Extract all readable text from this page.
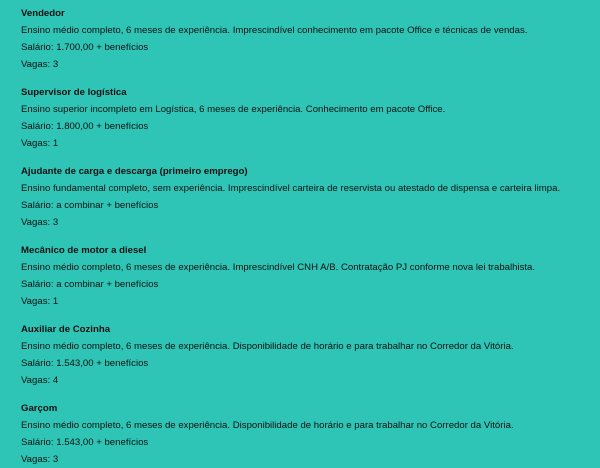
Vendedor
Ensino médio completo, 6 meses de experiência. Imprescindível conhecimento em pacote Office e técnicas de vendas.
Salário: 1.700,00 + benefícios
Vagas: 3
Supervisor de logística
Ensino superior incompleto em Logística, 6 meses de experiência. Conhecimento em pacote Office.
Salário: 1.800,00 + benefícios
Vagas: 1
Ajudante de carga e descarga (primeiro emprego)
Ensino fundamental completo, sem experiência. Imprescindível carteira de reservista ou atestado de dispensa e carteira limpa.
Salário: a combinar + benefícios
Vagas: 3
Mecânico de motor a diesel
Ensino médio completo, 6 meses de experiência. Imprescindível CNH A/B. Contratação PJ conforme nova lei trabalhista.
Salário: a combinar + benefícios
Vagas: 1
Auxiliar de Cozinha
Ensino médio completo, 6 meses de experiência. Disponibilidade de horário e para trabalhar no Corredor da Vitória.
Salário: 1.543,00 + benefícios
Vagas: 4
Garçom
Ensino médio completo, 6 meses de experiência. Disponibilidade de horário e para trabalhar no Corredor da Vitória.
Salário: 1.543,00 + benefícios
Vagas: 3
